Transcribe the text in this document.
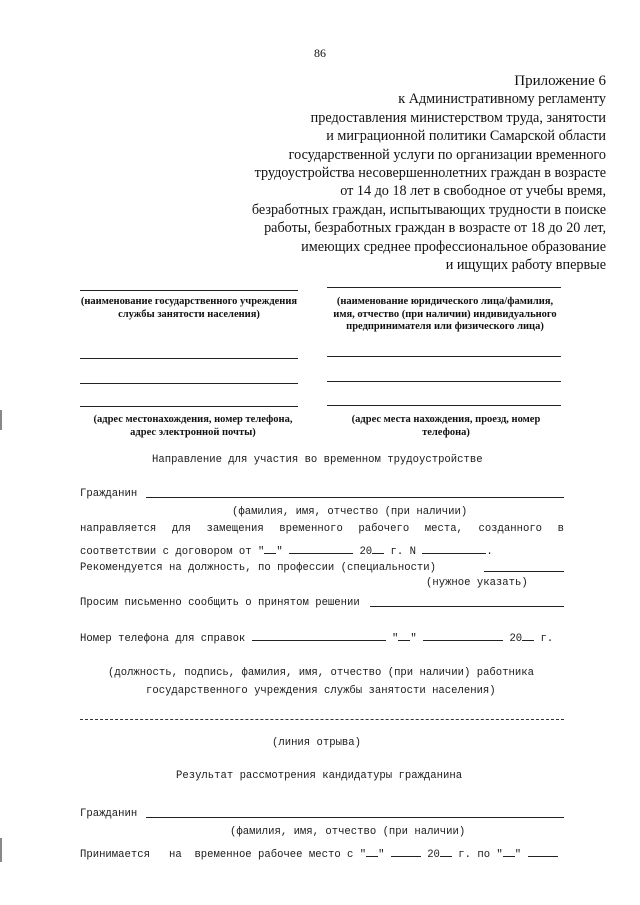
86
Приложение 6
к Административному регламенту
предоставления министерством труда, занятости
и миграционной политики Самарской области
государственной услуги по организации временного
трудоустройства несовершеннолетних граждан в возрасте
от 14 до 18 лет в свободное от учебы время,
безработных граждан, испытывающих трудности в поиске
работы, безработных граждан в возрасте от 18 до 20 лет,
имеющих среднее профессиональное образование
и ищущих работу впервые
(наименование государственного учреждения службы занятости населения)
(наименование юридического лица/фамилия, имя, отчество (при наличии) индивидуального предпринимателя или физического лица)
(адрес местонахождения, номер телефона, адрес электронной почты)
(адрес места нахождения, проезд, номер телефона)
Направление для участия во временном трудоустройстве
Гражданин
(фамилия, имя, отчество (при наличии)
направляется для замещения временного рабочего места, созданного в
соответствии с договором от " "	20 г. N	.
Рекомендуется на должность, по профессии (специальности)
(нужное указать)
Просим письменно сообщить о принятом решении
Номер телефона для справок	" "	20 г.
(должность, подпись, фамилия, имя, отчество (при наличии) работника
государственного учреждения службы занятости населения)
(линия отрыва)
Результат рассмотрения кандидатуры гражданина
Гражданин
(фамилия, имя, отчество (при наличии)
Принимается на временное рабочее место с " "	20 г. по " "
